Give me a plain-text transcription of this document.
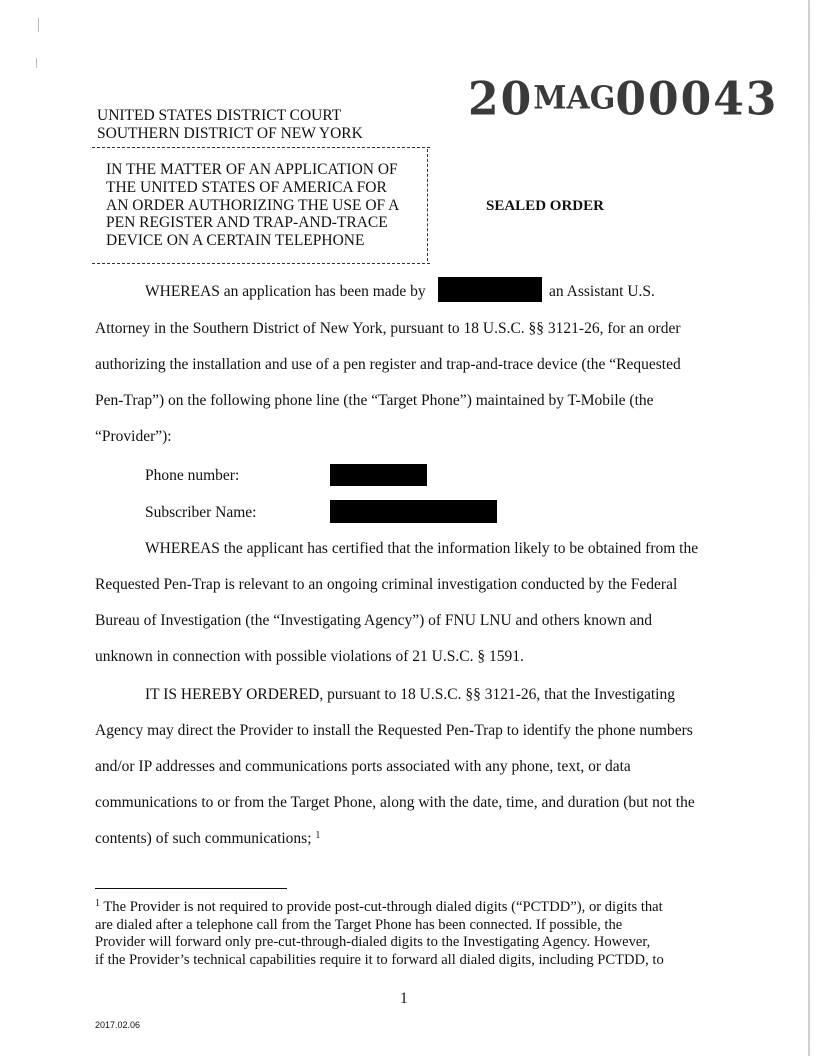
UNITED STATES DISTRICT COURT
SOUTHERN DISTRICT OF NEW YORK
20MAG00043
IN THE MATTER OF AN APPLICATION OF
THE UNITED STATES OF AMERICA FOR
AN ORDER AUTHORIZING THE USE OF A
PEN REGISTER AND TRAP-AND-TRACE
DEVICE ON A CERTAIN TELEPHONE
SEALED ORDER
WHEREAS an application has been made by	an Assistant U.S.
Attorney in the Southern District of New York, pursuant to 18 U.S.C. §§ 3121-26, for an order
authorizing the installation and use of a pen register and trap-and-trace device (the “Requested
Pen-Trap”) on the following phone line (the “Target Phone”) maintained by T-Mobile (the
“Provider”):
Phone number:
Subscriber Name:
WHEREAS the applicant has certified that the information likely to be obtained from the
Requested Pen-Trap is relevant to an ongoing criminal investigation conducted by the Federal
Bureau of Investigation (the “Investigating Agency”) of FNU LNU and others known and
unknown in connection with possible violations of 21 U.S.C. § 1591.
IT IS HEREBY ORDERED, pursuant to 18 U.S.C. §§ 3121-26, that the Investigating
Agency may direct the Provider to install the Requested Pen-Trap to identify the phone numbers
and/or IP addresses and communications ports associated with any phone, text, or data
communications to or from the Target Phone, along with the date, time, and duration (but not the
contents) of such communications; $^1$
$^1$ The Provider is not required to provide post-cut-through dialed digits (“PCTDD”), or digits that
are dialed after a telephone call from the Target Phone has been connected. If possible, the
Provider will forward only pre-cut-through-dialed digits to the Investigating Agency. However,
if the Provider’s technical capabilities require it to forward all dialed digits, including PCTDD, to
1
2017.02.06
